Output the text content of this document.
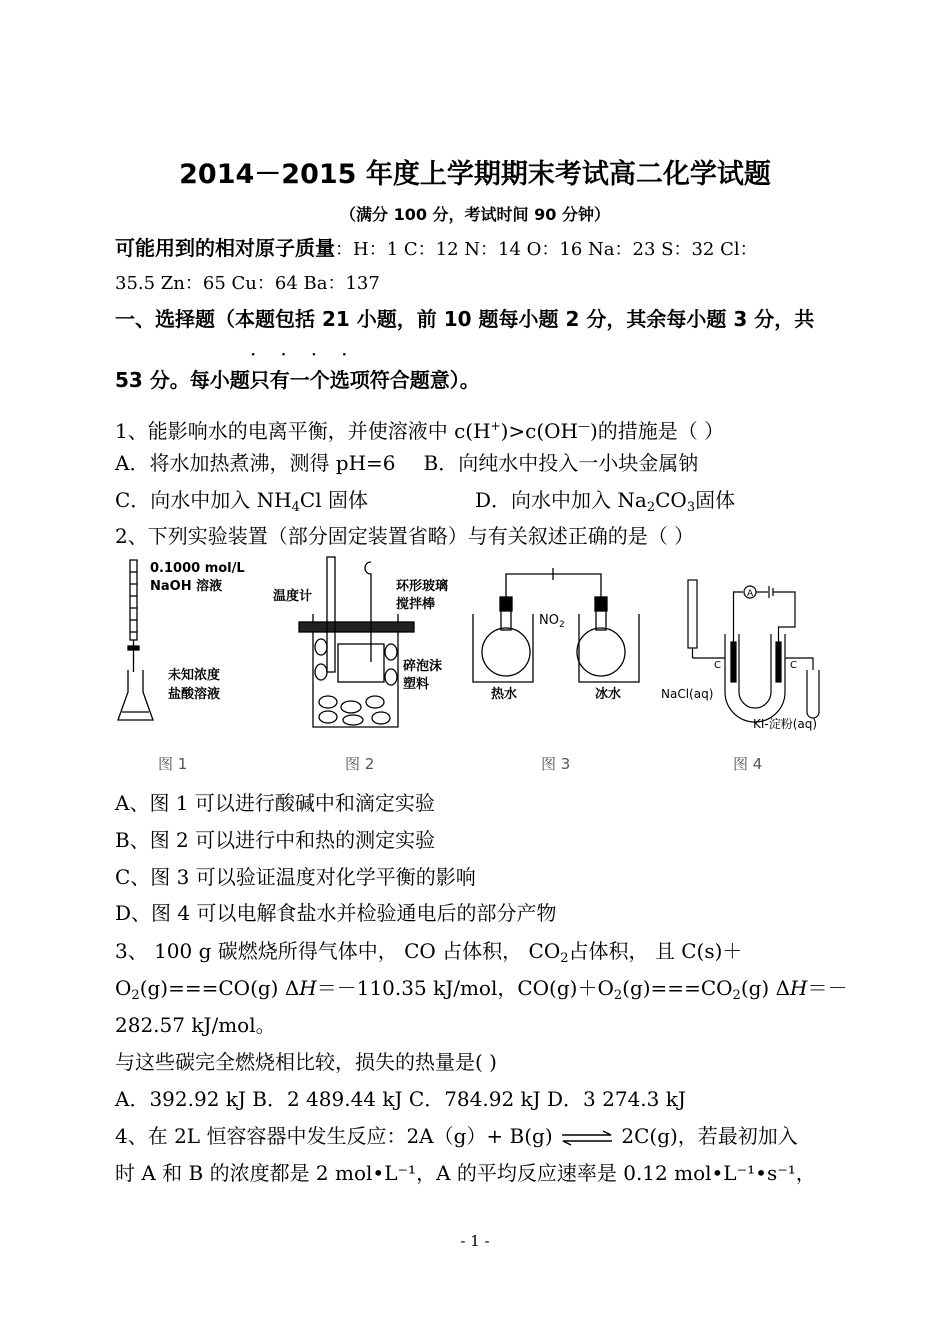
2014－2015 年度上学期期末考试高二化学试题
（满分 100 分，考试时间 90 分钟）
可能用到的相对原子质量：H：1 C：12 N：14 O：16 Na：23 S：32 Cl：
35.5 Zn：65 Cu：64 Ba：137
一、选择题（本题包括 21 小题，前 10 题每小题 2 分，其余每小题 3 分，共
····
53 分。每小题只有一个选项符合题意）。
1、能影响水的电离平衡，并使溶液中 c(H+)>c(OH—)的措施是（ ）
A．将水加热煮沸，测得 pH=6 B．向纯水中投入一小块金属钠
C．向水中加入 $NH_4Cl$ 固体	D．向水中加入 $Na_2CO_3$固体
2、下列实验装置（部分固定装置省略）与有关叙述正确的是（ ）
0.1000 mol/L
NaOH 溶液
未知浓度
盐酸溶液
图 1
温度计
环形玻璃
搅拌棒
碎泡沫
塑料
图 2
$NO_2$
热水	冰水
图 3
NaCl(aq)
KI-淀粉(aq)
C	C
A
图 4
A、图 1 可以进行酸碱中和滴定实验
B、图 2 可以进行中和热的测定实验
C、图 3 可以验证温度对化学平衡的影响
D、图 4 可以电解食盐水并检验通电后的部分产物
3、 100 g 碳燃烧所得气体中， CO 占体积， $CO_2$占体积， 且 C(s)＋
$O_2(g)===CO(g)$ ΔH＝－110.35 kJ/mol，$CO(g)+O_2(g)===CO_2(g)$ ΔH＝－
282.57 kJ/mol。
与这些碳完全燃烧相比较，损失的热量是( )
A．392.92 kJ B．2 489.44 kJ C．784.92 kJ D．3 274.3 kJ
4、在 2L 恒容容器中发生反应：2A（g）+ B(g) ⇌ 2C(g)，若最初加入
时 A 和 B 的浓度都是 2 mol•L⁻¹，A 的平均反应速率是 0.12 mol•L⁻¹•s⁻¹，
- 1 -
